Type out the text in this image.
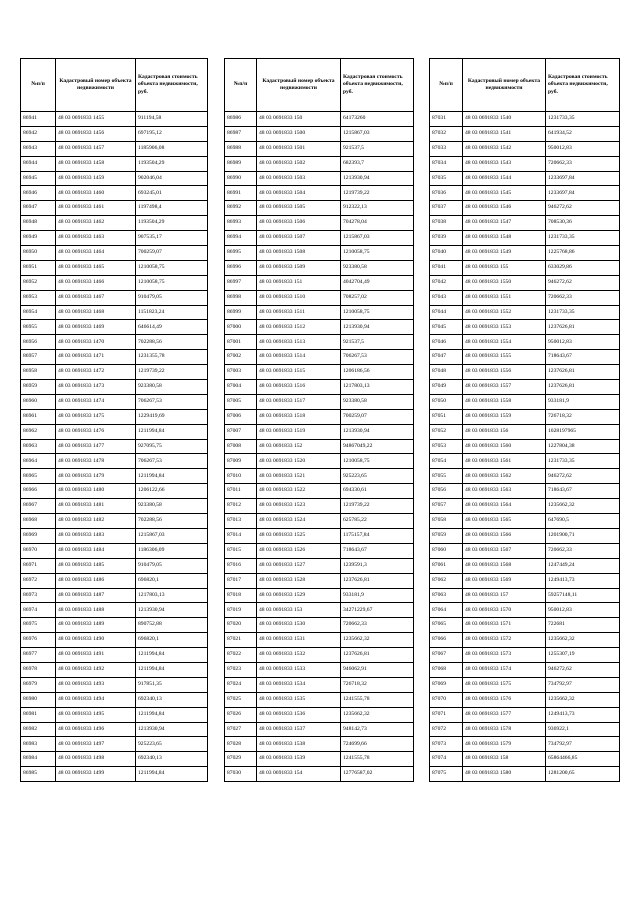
№п/п	Кадастровый номер объекта недвижимости	Кадастровая стоимость объекта недвижимости, руб.
86941	48 03 0691833 1455	911194,58
86942	48 03 0691833 1456	697195,12
86943	48 03 0691833 1457	1185906,08
86944	48 03 0691833 1458	1193504,29
86945	48 03 0691833 1459	902046,04
86946	48 03 0691833 1460	693245,01
86947	48 03 0691833 1461	1197498,4
86948	48 03 0691833 1462	1193504,29
86949	48 03 0691833 1463	907535,17
86950	48 03 0691833 1464	700259,07
86951	48 03 0691833 1465	1210058,75
86952	48 03 0691833 1466	1210058,75
86953	48 03 0691833 1467	910479,05
86954	48 03 0691833 1468	1151823,24
86955	48 03 0691833 1469	646614,49
86956	48 03 0691833 1470	702288,56
86957	48 03 0691833 1471	1231355,78
86958	48 03 0691833 1472	1219739,22
86959	48 03 0691833 1473	923380,58
86960	48 03 0691833 1474	706267,53
86961	48 03 0691833 1475	1229419,69
86962	48 03 0691833 1476	1211994,84
86963	48 03 0691833 1477	927095,75
86964	48 03 0691833 1478	706267,53
86965	48 03 0691833 1479	1211994,84
86966	48 03 0691833 1480	1206122,66
86967	48 03 0691833 1481	923380,58
86968	48 03 0691833 1482	702288,56
86969	48 03 0691833 1483	1215867,03
86970	48 03 0691833 1484	1186306,09
86971	48 03 0691833 1485	910479,05
86972	48 03 0691833 1486	696820,1
86973	48 03 0691833 1487	1217803,13
86974	48 03 0691833 1488	1213930,94
86975	48 03 0691833 1489	890752,88
86976	48 03 0691833 1490	696820,1
86977	48 03 0691833 1491	1211994,84
86978	48 03 0691833 1492	1211994,84
86979	48 03 0691833 1493	917851,35
86980	48 03 0691833 1494	692340,13
86981	48 03 0691833 1495	1211994,84
86982	48 03 0691833 1496	1213930,94
86983	48 03 0691833 1497	925223,65
86984	48 03 0691833 1498	692340,13
86985	48 03 0691833 1499	1211994,84
№п/п	Кадастровый номер объекта недвижимости	Кадастровая стоимость объекта недвижимости, руб.
86986	48 03 0691833 150	64173260
86987	48 03 0691833 1500	1215867,03
86988	48 03 0691833 1501	921537,5
86989	48 03 0691833 1502	682393,7
86990	48 03 0691833 1503	1213930,94
86991	48 03 0691833 1504	1219739,22
86992	48 03 0691833 1505	912322,13
86993	48 03 0691833 1506	704278,04
86994	48 03 0691833 1507	1215867,03
86995	48 03 0691833 1508	1210058,75
86996	48 03 0691833 1509	923380,58
86997	48 03 0691833 151	4042704,49
86998	48 03 0691833 1510	708257,02
86999	48 03 0691833 1511	1210058,75
87000	48 03 0691833 1512	1213930,94
87001	48 03 0691833 1513	921537,5
87002	48 03 0691833 1514	706267,53
87003	48 03 0691833 1515	1206186,56
87004	48 03 0691833 1516	1217803,13
87005	48 03 0691833 1517	923380,58
87006	48 03 0691833 1518	700259,07
87007	48 03 0691833 1519	1213930,94
87008	48 03 0691833 152	94867049,22
87009	48 03 0691833 1520	1210058,75
87010	48 03 0691833 1521	925223,65
87011	48 03 0691833 1522	694330,61
87012	48 03 0691833 1523	1219739,22
87013	48 03 0691833 1524	625785,22
87014	48 03 0691833 1525	1175157,84
87015	48 03 0691833 1526	718643,67
87016	48 03 0691833 1527	1239591,3
87017	48 03 0691833 1528	1237626,81
87018	48 03 0691833 1529	933181,9
87019	48 03 0691833 153	34271229,67
87020	48 03 0691833 1530	720662,33
87021	48 03 0691833 1531	1235662,32
87022	48 03 0691833 1532	1237626,81
87023	48 03 0691833 1533	946062,91
87024	48 03 0691833 1534	726718,32
87025	48 03 0691833 1535	1241555,78
87026	48 03 0691833 1536	1235662,32
87027	48 03 0691833 1537	948142,73
87028	48 03 0691833 1538	724699,66
87029	48 03 0691833 1539	1241555,78
87030	48 03 0691833 154	12776587,02
№п/п	Кадастровый номер объекта недвижимости	Кадастровая стоимость объекта недвижимости, руб.
87031	48 03 0691833 1540	1231733,35
87032	48 03 0691833 1541	641934,52
87033	48 03 0691833 1542	950012,83
87034	48 03 0691833 1543	720662,33
87035	48 03 0691833 1544	1233697,84
87036	48 03 0691833 1545	1233697,84
87037	48 03 0691833 1546	946272,62
87038	48 03 0691833 1547	708530,36
87039	48 03 0691833 1548	1231733,35
87040	48 03 0691833 1549	1225768,86
87041	48 03 0691833 155	633029,86
87042	48 03 0691833 1550	946272,62
87043	48 03 0691833 1551	720662,33
87044	48 03 0691833 1552	1231733,35
87045	48 03 0691833 1553	1237626,81
87046	48 03 0691833 1554	950012,83
87047	48 03 0691833 1555	718643,67
87048	48 03 0691833 1556	1237626,81
87049	48 03 0691833 1557	1237626,81
87050	48 03 0691833 1558	933181,9
87051	48 03 0691833 1559	726718,32
87052	48 03 0691833 156	1028197965
87053	48 03 0691833 1560	1227804,38
87054	48 03 0691833 1561	1231733,35
87055	48 03 0691833 1562	946272,62
87056	48 03 0691833 1563	718643,67
87057	48 03 0691833 1564	1235662,32
87058	48 03 0691833 1565	647690,5
87059	48 03 0691833 1566	1201900,71
87060	48 03 0691833 1567	720662,33
87061	48 03 0691833 1568	1247449,24
87062	48 03 0691833 1569	1249413,73
87063	48 03 0691833 157	59257148,11
87064	48 03 0691833 1570	950012,83
87065	48 03 0691833 1571	722681
87066	48 03 0691833 1572	1235662,32
87067	48 03 0691833 1573	1255307,19
87068	48 03 0691833 1574	946272,62
87069	48 03 0691833 1575	734792,97
87070	48 03 0691833 1576	1235662,32
87071	48 03 0691833 1577	1249413,73
87072	48 03 0691833 1578	936922,1
87073	48 03 0691833 1579	734792,97
87074	48 03 0691833 158	65864466,85
87075	48 03 0691833 1580	1281200,65
